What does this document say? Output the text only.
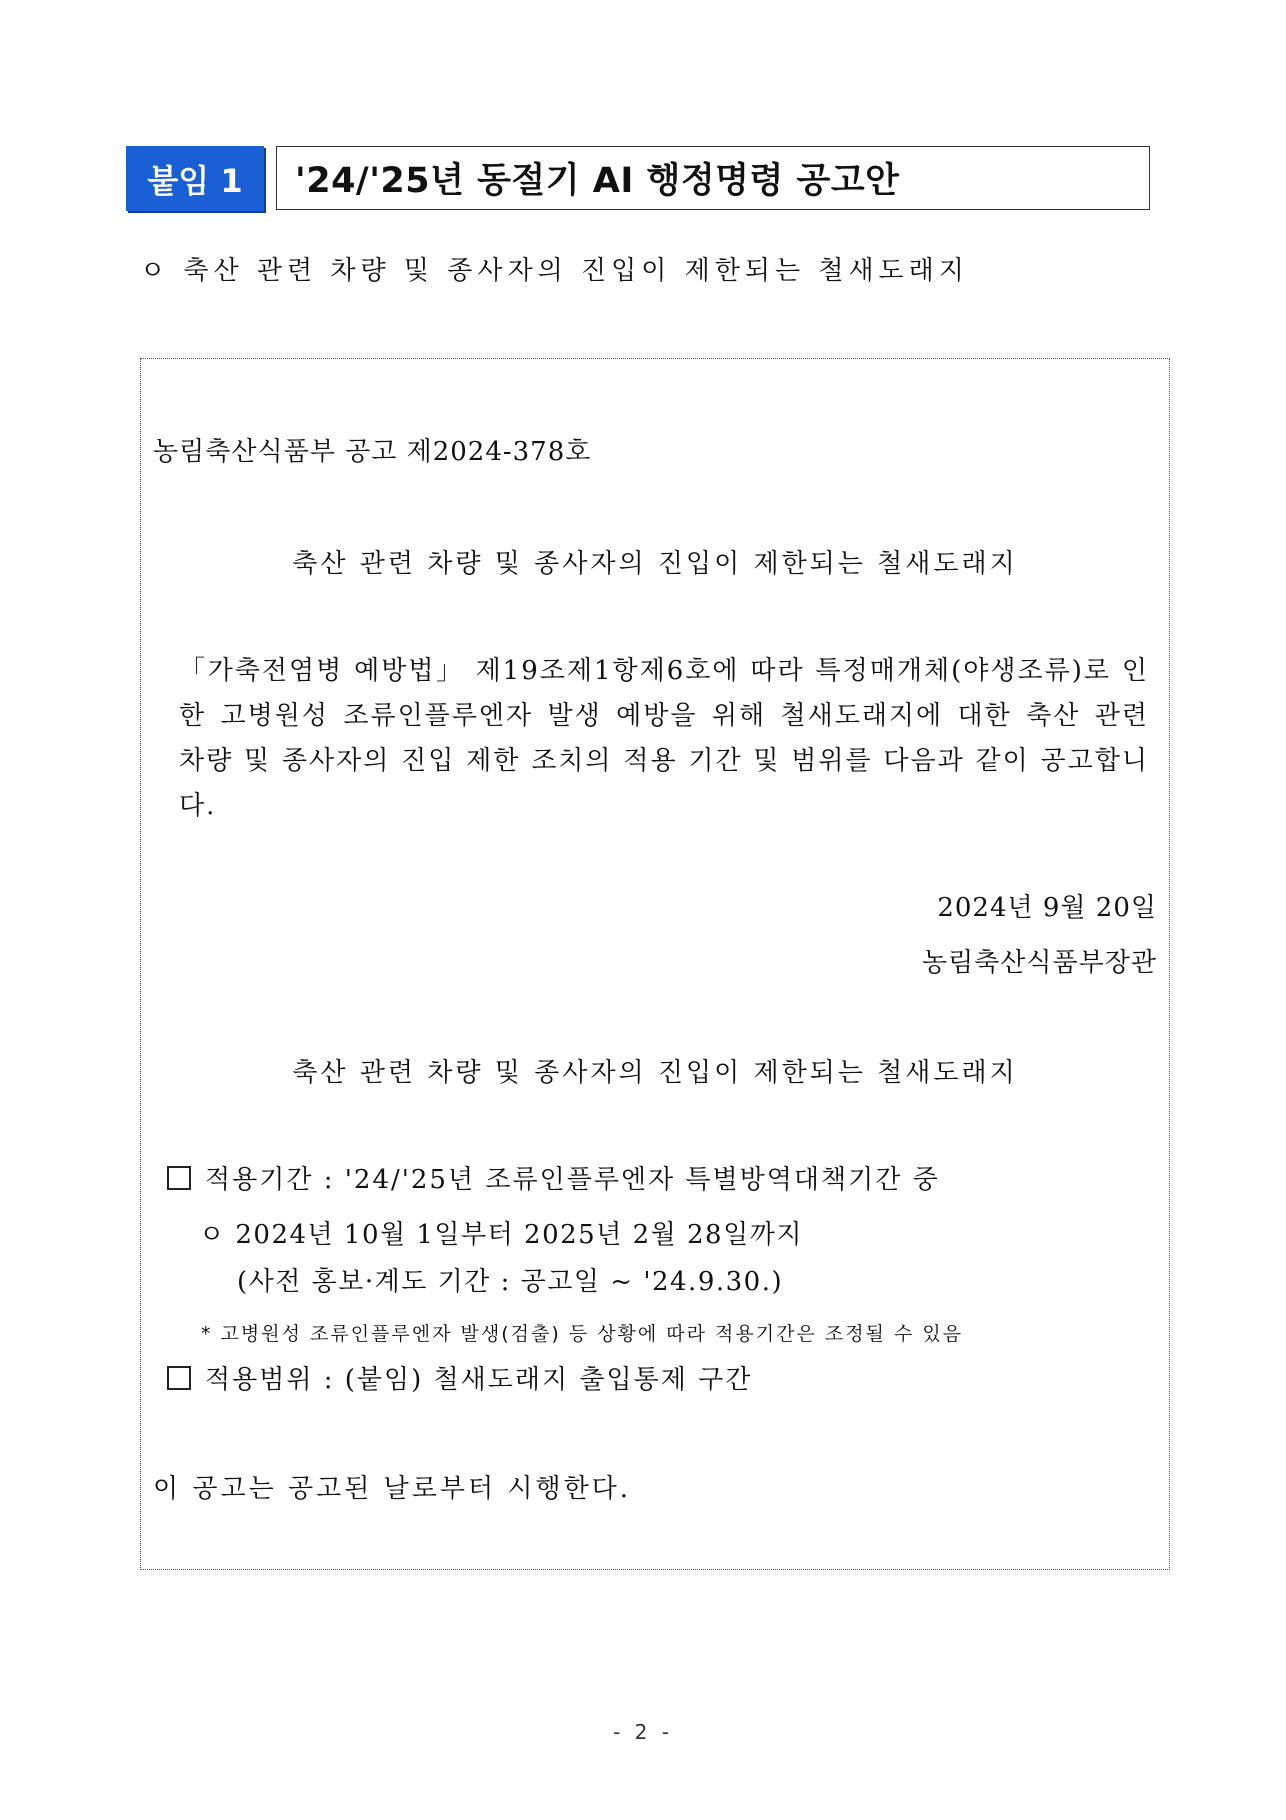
붙임 1	'24/'25년 동절기 AI 행정명령 공고안
ㅇ 축산 관련 차량 및 종사자의 진입이 제한되는 철새도래지
농림축산식품부 공고 제2024-378호
축산 관련 차량 및 종사자의 진입이 제한되는 철새도래지
「가축전염병 예방법」 제19조제1항제6호에 따라 특정매개체(야생조류)로 인한 고병원성 조류인플루엔자 발생 예방을 위해 철새도래지에 대한 축산 관련 차량 및 종사자의 진입 제한 조치의 적용 기간 및 범위를 다음과 같이 공고합니다.
2024년 9월 20일
농림축산식품부장관
축산 관련 차량 및 종사자의 진입이 제한되는 철새도래지
적용기간 : '24/'25년 조류인플루엔자 특별방역대책기간 중
ㅇ 2024년 10월 1일부터 2025년 2월 28일까지
(사전 홍보·계도 기간 : 공고일 ~ '24.9.30.)
* 고병원성 조류인플루엔자 발생(검출) 등 상황에 따라 적용기간은 조정될 수 있음
적용범위 : (붙임) 철새도래지 출입통제 구간
이 공고는 공고된 날로부터 시행한다.
- 2 -
